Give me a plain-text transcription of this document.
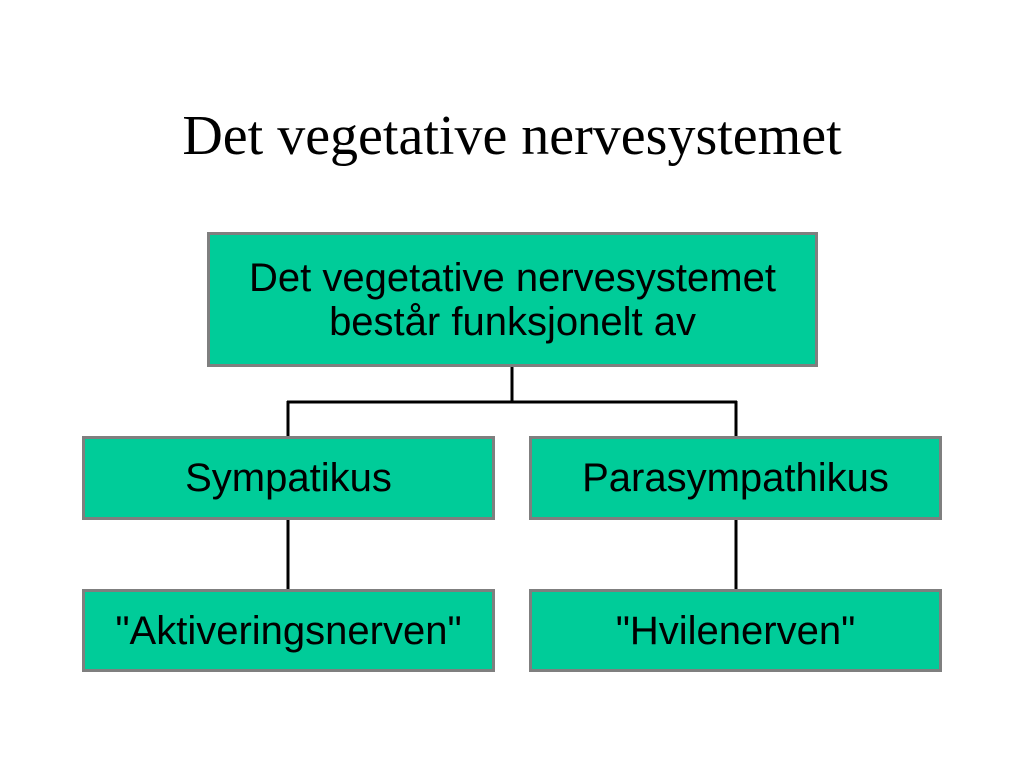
Det vegetative nervesystemet
Det vegetative nervesystemet
består funksjonelt av
Sympatikus	Parasympathikus
"Aktiveringsnerven"	"Hvilenerven"
